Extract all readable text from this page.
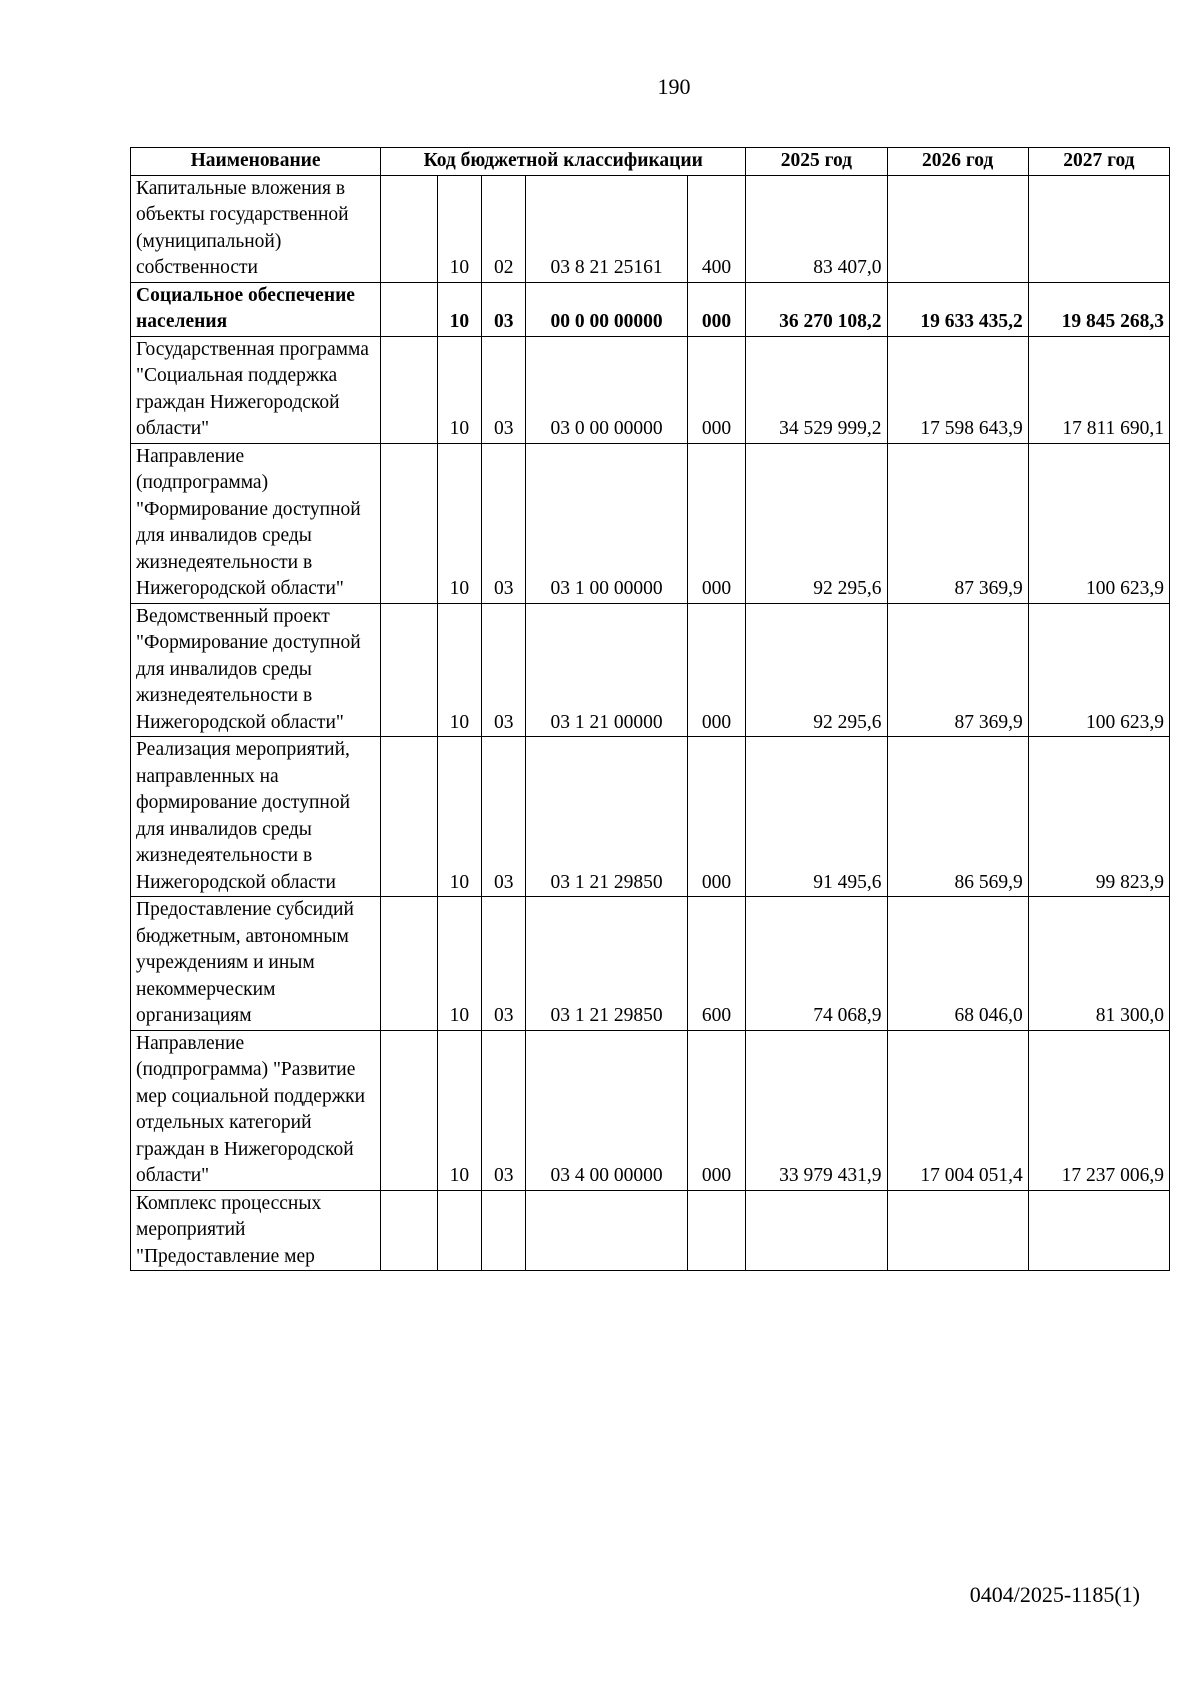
190
Наименование	Код бюджетной классификации					2025 год	2026 год	2027 год
Капитальные вложения в объекты государственной (муниципальной) собственности		10	02	03 8 21 25161	400	83 407,0		
Социальное обеспечение населения		10	03	00 0 00 00000	000	36 270 108,2	19 633 435,2	19 845 268,3
Государственная программа "Социальная поддержка граждан Нижегородской области"		10	03	03 0 00 00000	000	34 529 999,2	17 598 643,9	17 811 690,1
Направление (подпрограмма) "Формирование доступной для инвалидов среды жизнедеятельности в Нижегородской области"		10	03	03 1 00 00000	000	92 295,6	87 369,9	100 623,9
Ведомственный проект "Формирование доступной для инвалидов среды жизнедеятельности в Нижегородской области"		10	03	03 1 21 00000	000	92 295,6	87 369,9	100 623,9
Реализация мероприятий, направленных на формирование доступной для инвалидов среды жизнедеятельности в Нижегородской области		10	03	03 1 21 29850	000	91 495,6	86 569,9	99 823,9
Предоставление субсидий бюджетным, автономным учреждениям и иным некоммерческим организациям		10	03	03 1 21 29850	600	74 068,9	68 046,0	81 300,0
Направление (подпрограмма) "Развитие мер социальной поддержки отдельных категорий граждан в Нижегородской области"		10	03	03 4 00 00000	000	33 979 431,9	17 004 051,4	17 237 006,9
Комплекс процессных мероприятий "Предоставление мер								
0404/2025-1185(1)
